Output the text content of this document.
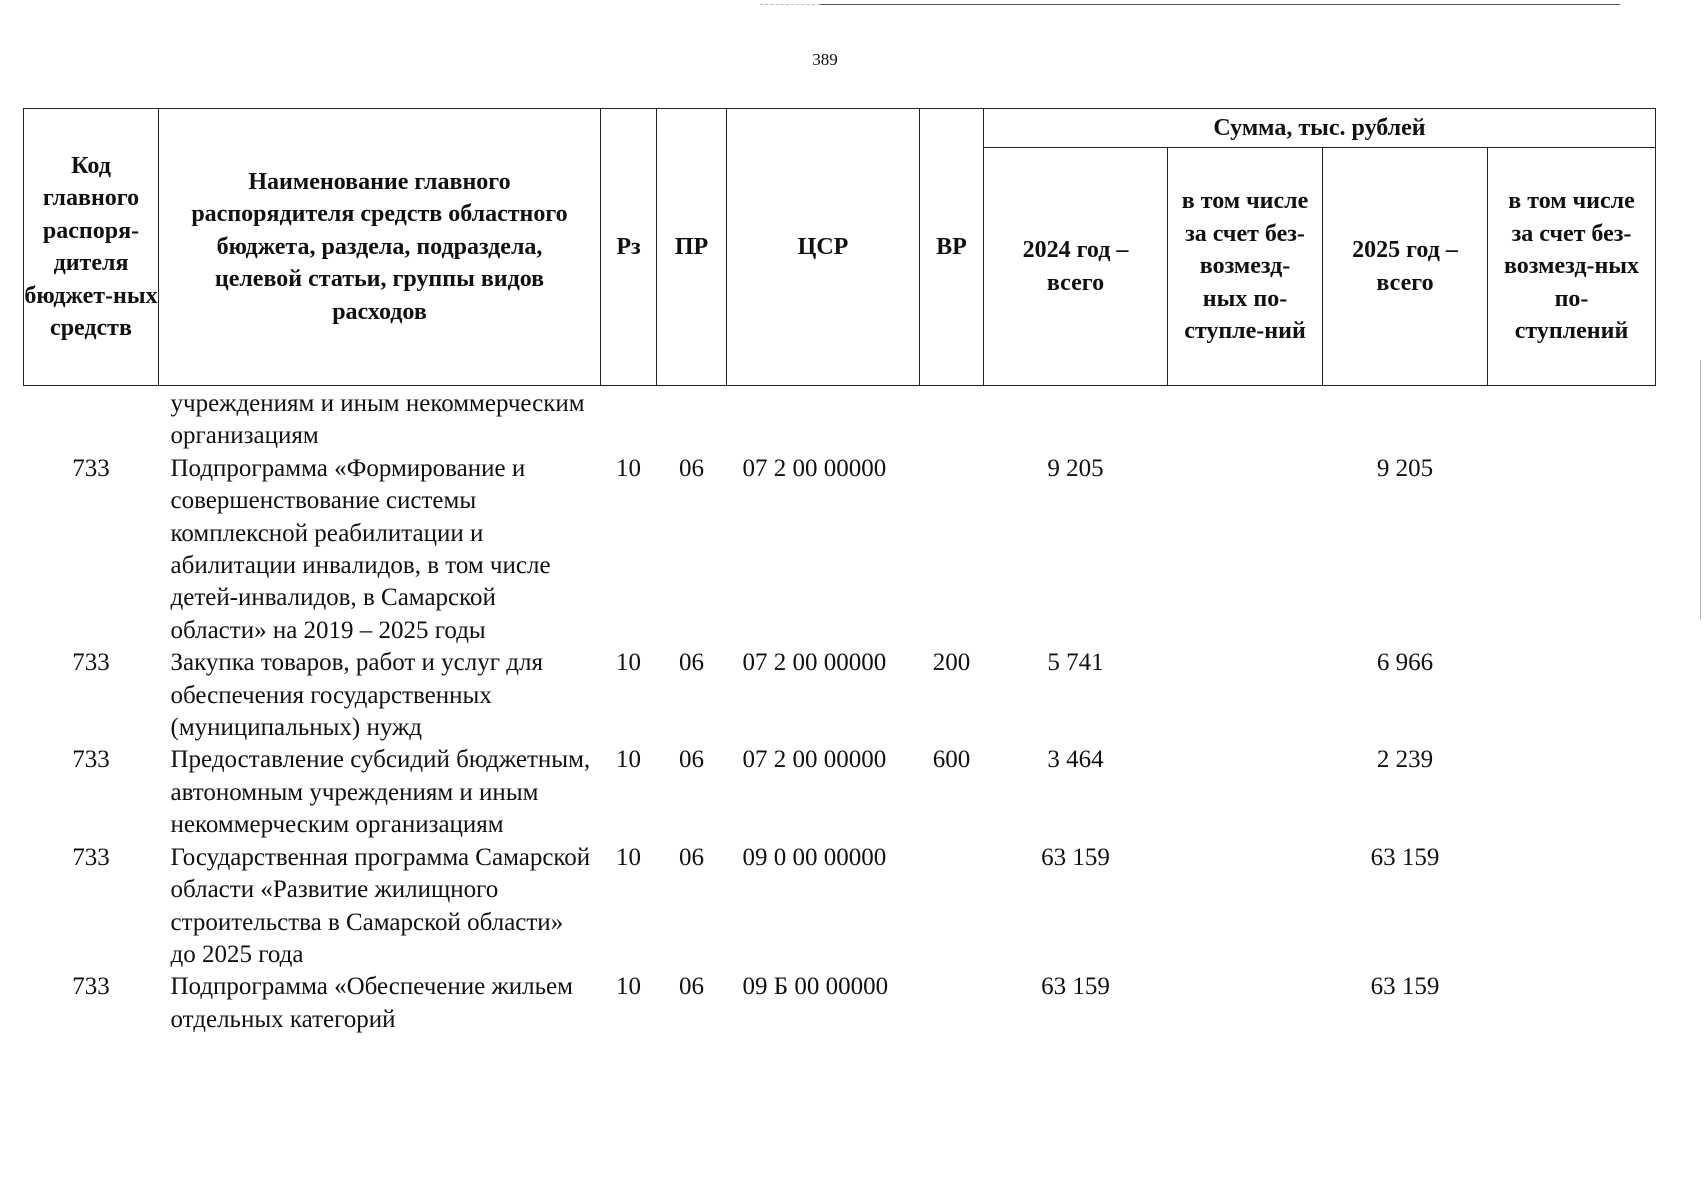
389
Код главного распоря-дителя бюджет-ных средств	Наименование главного распорядителя средств областного бюджета, раздела, подраздела, целевой статьи, группы видов расходов	Рз	ПР	ЦСР	ВР	Сумма, тыс. рублей			
						2024 год – всего	в том числе за счет без-возмезд-ных по-ступле-ний	2025 год – всего	в том числе за счет без-возмезд-ных по-ступлений
	учреждениям и иным некоммерческим организациям								
733	Подпрограмма «Формирование и совершенствование системы комплексной реабилитации и абилитации инвалидов, в том числе детей-инвалидов, в Самарской области» на 2019 – 2025 годы	10	06	07 2 00 00000		9 205		9 205	
733	Закупка товаров, работ и услуг для обеспечения государственных (муниципальных) нужд	10	06	07 2 00 00000	200	5 741		6 966	
733	Предоставление субсидий бюджетным, автономным учреждениям и иным некоммерческим организациям	10	06	07 2 00 00000	600	3 464		2 239	
733	Государственная программа Самарской области «Развитие жилищного строительства в Самарской области» до 2025 года	10	06	09 0 00 00000		63 159		63 159	
733	Подпрограмма «Обеспечение жильем отдельных категорий	10	06	09 Б 00 00000		63 159		63 159	
